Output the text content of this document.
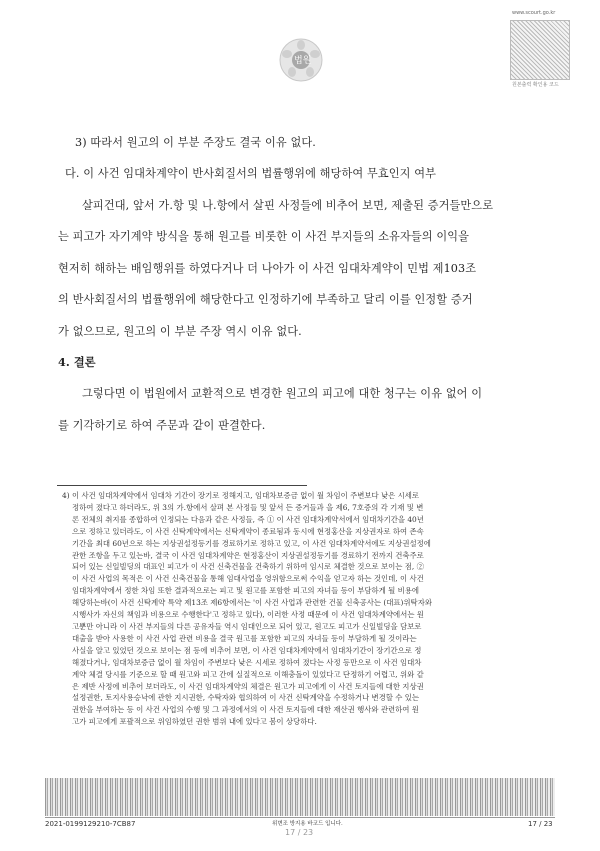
법원
www.scourt.go.kr
원본출력 확인용 코드
3) 따라서 원고의 이 부분 주장도 결국 이유 없다.
다. 이 사건 임대차계약이 반사회질서의 법률행위에 해당하여 무효인지 여부
살피건대, 앞서 가.항 및 나.항에서 살핀 사정들에 비추어 보면, 제출된 증거들만으로
는 피고가 자기계약 방식을 통해 원고를 비롯한 이 사건 부지들의 소유자들의 이익을
현저히 해하는 배임행위를 하였다거나 더 나아가 이 사건 임대차계약이 민법 제103조
의 반사회질서의 법률행위에 해당한다고 인정하기에 부족하고 달리 이를 인정할 증거
가 없으므로, 원고의 이 부분 주장 역시 이유 없다.
4. 결론
그렇다면 이 법원에서 교환적으로 변경한 원고의 피고에 대한 청구는 이유 없어 이
를 기각하기로 하여 주문과 같이 판결한다.
4) 이 사건 임대차계약에서 임대차 기간이 장기로 정해지고, 임대차보증금 없이 월 차임이 주변보다 낮은 시세로
정하여 졌다고 하더라도, 위 3의 가.항에서 살펴 본 사정들 및 앞서 든 증거들과 을 제6, 7호증의 각 기재 및 변
론 전체의 취지를 종합하여 인정되는 다음과 같은 사정들, 즉 ① 이 사건 임대차계약서에서 임대차기간을 40년
으로 정하고 있더라도, 이 사건 신탁계약에서는 신탁계약이 종료됨과 동시에 현정홍산을 지상권자로 하여 존속
기간을 최대 60년으로 하는 지상권설정등기를 경료하기로 정하고 있고, 이 사건 임대차계약서에도 지상권설정에
관한 조항을 두고 있는바, 결국 이 사건 임대차계약은 현정홍산이 지상권설정등기를 경료하기 전까지 건축주로
되어 있는 신일빌딩의 대표인 피고가 이 사건 신축건물을 건축하기 위하여 임시로 체결한 것으로 보이는 점, ②
이 사건 사업의 목적은 이 사건 신축건물을 통해 임대사업을 영위함으로써 수익을 얻고자 하는 것인데, 이 사건
임대차계약에서 정한 차임 또한 결과적으로는 피고 및 원고를 포함한 피고의 자녀들 등이 부담하게 될 비용에
해당하는바(이 사건 신탁계약 특약 제13조 제6항에서는 '이 사건 사업과 관련한 건물 신축공사는 (대표)위탁자와
시행사가 자신의 책임과 비용으로 수행한다'고 정하고 있다), 이러한 사정 때문에 이 사건 임대차계약에서는 원
고뿐만 아니라 이 사건 부지들의 다른 공유자들 역시 임대인으로 되어 있고, 원고도 피고가 신일빌딩을 담보로
대출을 받아 사용한 이 사건 사업 관련 비용을 결국 원고를 포함한 피고의 자녀들 등이 부담하게 될 것이라는
사실을 알고 있었던 것으로 보이는 점 등에 비추어 보면, 이 사건 임대차계약에서 임대차기간이 장기간으로 정
해졌다거나, 임대차보증금 없이 월 차임이 주변보다 낮은 시세로 정하여 졌다는 사정 등만으로 이 사건 임대차
계약 체결 당시를 기준으로 할 때 원고와 피고 간에 실질적으로 이해충돌이 있었다고 단정하기 어렵고, 위와 같
은 제반 사정에 비추어 보더라도, 이 사건 임대차계약의 체결은 원고가 피고에게 이 사건 토지들에 대한 지상권
설정권한, 토지사용승낙에 관한 지시권한, 수탁자와 협의하여 이 사건 신탁계약을 수정하거나 변경할 수 있는
권한을 부여하는 등 이 사건 사업의 수행 및 그 과정에서의 이 사건 토지들에 대한 재산권 행사와 관련하여 원
고가 피고에게 포괄적으로 위임하였던 권한 범위 내에 있다고 봄이 상당하다.
2021-0199129210-7CB87	위변조 방지용 바코드 입니다.
17 / 23
17 / 23
